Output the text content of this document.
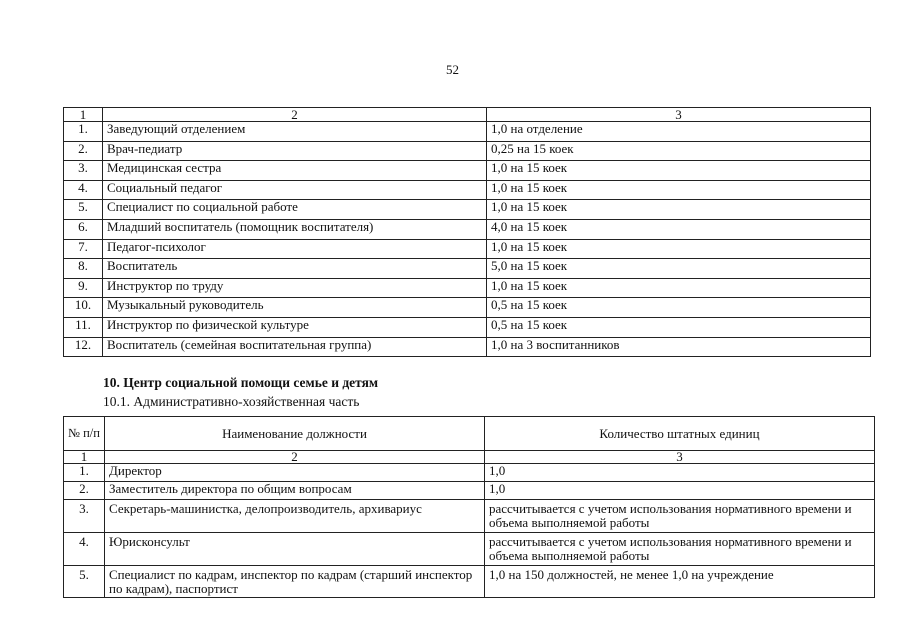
52
1	2	3
1.	Заведующий отделением	1,0 на отделение
2.	Врач-педиатр	0,25 на 15 коек
3.	Медицинская сестра	1,0 на 15 коек
4.	Социальный педагог	1,0 на 15 коек
5.	Специалист по социальной работе	1,0 на 15 коек
6.	Младший воспитатель (помощник воспитателя)	4,0 на 15 коек
7.	Педагог-психолог	1,0 на 15 коек
8.	Воспитатель	5,0 на 15 коек
9.	Инструктор по труду	1,0 на 15 коек
10.	Музыкальный руководитель	0,5 на 15 коек
11.	Инструктор по физической культуре	0,5 на 15 коек
12.	Воспитатель (семейная воспитательная группа)	1,0 на 3 воспитанников
10. Центр социальной помощи семье и детям
10.1. Административно-хозяйственная часть
№ п/п	Наименование должности	Количество штатных единиц
1	2	3
1.	Директор	1,0
2.	Заместитель директора по общим вопросам	1,0
3.	Секретарь-машинистка, делопроизводитель, архивариус	рассчитывается с учетом использования нормативного времени и объема выполняемой работы
4.	Юрисконсульт	рассчитывается с учетом использования нормативного времени и объема выполняемой работы
5.	Специалист по кадрам, инспектор по кадрам (старший инспектор по кадрам), паспортист	1,0 на 150 должностей, не менее 1,0 на учреждение
